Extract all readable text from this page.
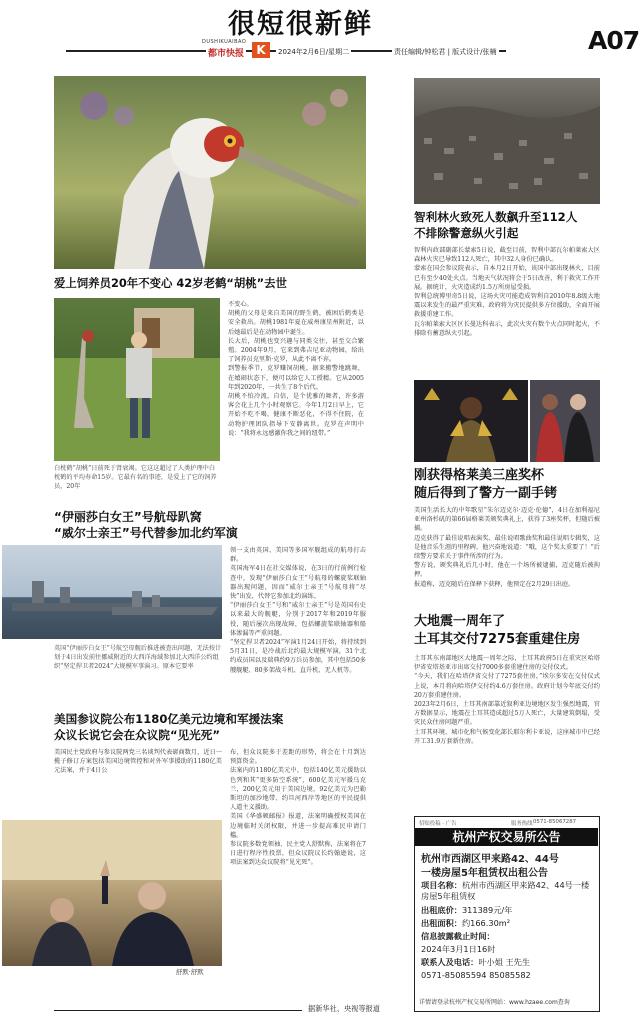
很短很新鲜
DUSHIKUAIBAO
都市快报	K	2024年2月6日/星期二	责任编辑/钟松君 | 版式设计/张楠	A07
爱上饲养员20年不变心 42岁老鹤“胡桃”去世
白枕鹤“胡桃”日前死于肾衰竭。它这这超过了人类护理中白枕鹤的平均寿命15岁。它最有名的事迹，是爱上了它的饲养员，20年
不变心。
胡桃的父母是来自美国的野生鹤，被困后鹤类是安全救出。胡桃1981年夏在威州康星州附近，以后她最后是在动物园中诞生。
长大后，胡桃也变兴趣与同类交往，甚至交合繁殖。2004年9月，它来到弗吉尼亚动物园，给出了饲养员克里斯·克罗，从此不离不弃。
到警报季节，克罗赚饲胡桃，据来搬警地跳舞，在嬉闹状态下，便可以给它人工授精。它从2005年到2020年，一共生了8个后代。
胡桃不怕冷流，自信，是个优雅的舞者，许多游客会花上几个小时观察它。今年1月2日早上，它开始不吃不喝，健康不断恶化，不得不住院，在动物护理团队指导下安静离世。克罗在声明中说：“我将永远感激你我之间的纽带。”
智利林火致死人数飙升至112人
不排除警意纵火引起
智利内政部副部长蒙索5日说，截至目前，智利中部瓦尔帕莱索大区森林火灾已导致112人死亡，其中32人身份已确认。
蒙索在国会参议院表示，自本月2日开始，该国中部出现林火，目前已有至少40处火点。当地天气状况将会于5日改善，利于救灾工作开展。据统计，火灾造成约1.5万所房屋受损。
智利总统博里奇5日说，这场火灾可能造成智利自2010年8.8级大地震以来发生的最严重灾难，政府将为灾民提供多方位援助，全面开展救援重建工作。
瓦尔帕莱索大区区长曼达科表示，此次火灾有数个火点同时起火，不排除有蓄意纵火引起。
刚获得格莱美三座奖杯
随后得到了警方一副手铐
美国生活长大的中年歌星“朱尔迈克尔·迈克·伦德”，4日在加利福尼亚州洛杉矶的第66届格莱美颁奖典礼上，获得了3座奖杯，但随后被捕。
迈克获得了最佳说唱表演奖、最佳说唱歌曲奖和最佳说唱专辑奖，这是他音乐生涯的里程碑，他兴奋地说道：“哦，这个奖太重要了！”后续警方要求关于事件所涉的行为。
警方说，颁奖典礼后几小时，他在一个场所被逮捕，迈克随后被拘押。
报道称，迈克随后在保释下获释，他预定在2月29日出庭。
“伊丽莎白女王”号航母趴窝
“威尔士亲王”号代替参加北约军演
英国“伊丽莎白女王”号航空母舰后推进被查出问题，无法按计划于4日出发前往挪威附近的大西洋海域参加北大西洋公约组织“坚定捍卫者2024”大规模军事演习。原本它要率
领一支由英国、美国等多国军舰组成的航母打击群。
英国海军4日在社交媒体说，在3日的行前例行检查中，发现“伊丽莎白女王”号航母的螺旋桨联轴器出现问题，因而“威尔士亲王”号航母将“尽快”出发，代替它参加北约演练。
“伊丽莎白女王”号和“威尔士亲王”号是英国有史以来最大的舰艇，分别于2017年和2019年服役，随后屡次出现故障，包括螺旋桨联轴器和船体渗漏等严重问题。
“坚定捍卫者2024”军演1月24日开始，将持续到5月31日，是冷战后北约最大规模军演，31个北约成员国以及瑞典约9万兵员参加，其中包括50多艘舰艇、80多架战斗机、直升机、无人机等。
大地震一周年了
土耳其交付7275套重建住房
土耳其东南部地区大地震一周年之际，土耳其政府5日在重灾区哈塔伊省安塔基亚市出席交付7000多套重建住房的交付仪式。
“今天，我们在哈塔伊省交付了7275套住房，”埃尔多安在交付仪式上说，本月将向哈塔伊交付约4.6万套住房。政府计划今年底交付约20万套重建住房。
2023年2月6日，土耳其南部靠近叙利亚边境地区发生强烈地震，官方数据显示，地震在土耳其造成超过5万人死亡，大量建筑倒塌，受灾民众住房问题严重。
土耳其环境、城市化和气候变化部长耶尔利卡亚说，这座城市中已经开工31.9万套新住房。
美国参议院公布1180亿美元边境和军援法案
众议长说它会在众议院“见光死”
美国民主党政府与参议院两党三名谈判代表磋商数月，近日一揽子修订方案包括美国边境管控和对外军事援助的1180亿美元法案，并于4日公
布，但众议院多于差距的形势，将会在十月到达预算资金。
法案内的1180亿美元中，包括140亿美元援助以色列和其“更多防空系统”，600亿美元军援乌克兰，200亿美元用于美国边境，92亿美元为巴勒斯坦的加沙地带、约旦河西岸等地区的平民提供人道主义援助。
美国《华盛顿邮报》报道，法案明确授权美国在边境临时关闭权限，并进一步提高难民申请门槛。
参议院多数党领袖、民主党人舒默称，法案将在7日进行程序性投票，但众议院议长约翰逊说，这项法案到达众议院将“见光死”。
舒默·舒默
招贴投稿 · 广告	服务热线 0571-85067287
杭州产权交易所公告
杭州市西湖区甲来路42、44号
一楼房屋5年租赁权出租公告
项目名称：杭州市西湖区甲来路42、44号一楼房屋5年租赁权
出租底价：311389元/年
出租面积：约166.30m²
信息披露截止时间：
2024年3月1日16时
联系人及电话：叶小姐 王先生
0571-85085594 85085582
详情请登录杭州产权交易所网站：www.hzaee.com查询
据新华社、央视等报道
